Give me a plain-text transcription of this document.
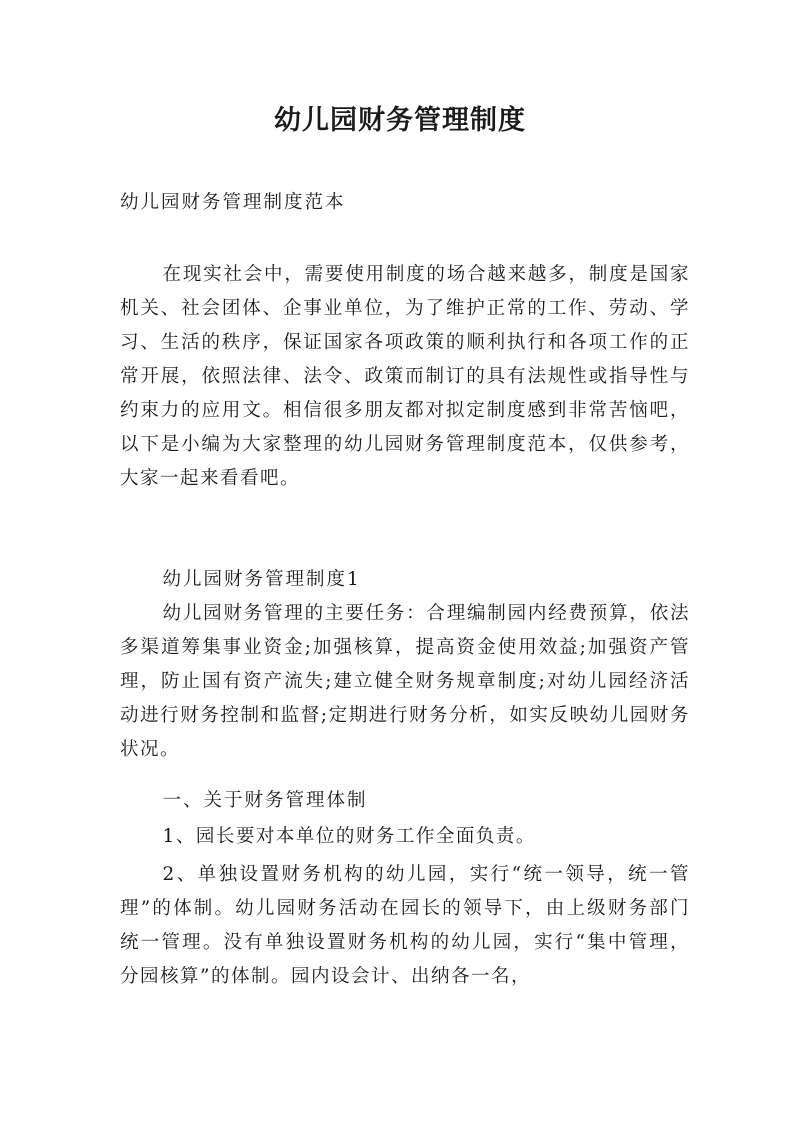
幼儿园财务管理制度
幼儿园财务管理制度范本

在现实社会中，需要使用制度的场合越来越多，制度是国家机关、社会团体、企事业单位，为了维护正常的工作、劳动、学习、生活的秩序，保证国家各项政策的顺利执行和各项工作的正常开展，依照法律、法令、政策而制订的具有法规性或指导性与约束力的应用文。相信很多朋友都对拟定制度感到非常苦恼吧，以下是小编为大家整理的幼儿园财务管理制度范本，仅供参考，大家一起来看看吧。

幼儿园财务管理制度1

幼儿园财务管理的主要任务：合理编制园内经费预算，依法多渠道筹集事业资金;加强核算，提高资金使用效益;加强资产管理，防止国有资产流失;建立健全财务规章制度;对幼儿园经济活动进行财务控制和监督;定期进行财务分析，如实反映幼儿园财务状况。

一、关于财务管理体制

1、园长要对本单位的财务工作全面负责。

2、单独设置财务机构的幼儿园，实行“统一领导，统一管理”的体制。幼儿园财务活动在园长的领导下，由上级财务部门统一管理。没有单独设置财务机构的幼儿园，实行“集中管理，分园核算”的体制。园内设会计、出纳各一名，
